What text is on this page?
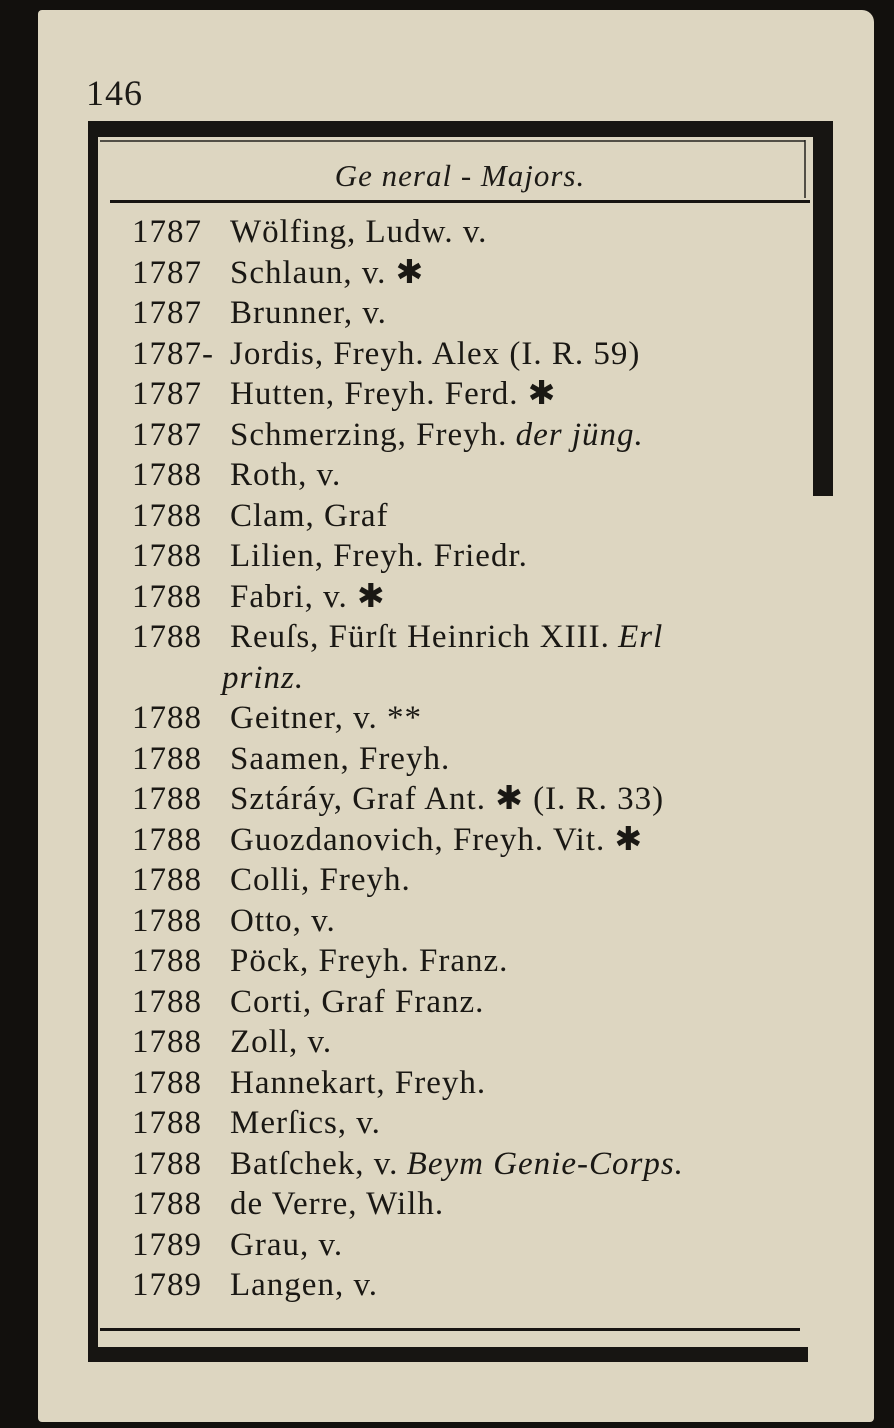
146
Ge neral - Majors.
1787 Wölfing, Ludw. v.
1787 Schlaun, v. ✱
1787 Brunner, v.
1787- Jordis, Freyh. Alex (I. R. 59)
1787 Hutten, Freyh. Ferd. ✱
1787 Schmerzing, Freyh.
der jüng.
1788 Roth, v.
1788 Clam, Graf
1788 Lilien, Freyh. Friedr.
1788 Fabri, v. ✱
1788 Reuſs, Fürſt Heinrich XIII.
Erl
prinz.
1788 Geitner, v. **
1788 Saamen, Freyh.
1788 Sztáráy, Graf Ant. ✱ (I. R. 33)
1788 Guozdanovich, Freyh. Vit. ✱
1788 Colli, Freyh.
1788 Otto, v.
1788 Pöck, Freyh. Franz.
1788 Corti, Graf Franz.
1788 Zoll, v.
1788 Hannekart, Freyh.
1788 Merſics, v.
1788 Batſchek, v.
Beym Genie-Corps.
1788 de Verre, Wilh.
1789 Grau, v.
1789 Langen, v.
